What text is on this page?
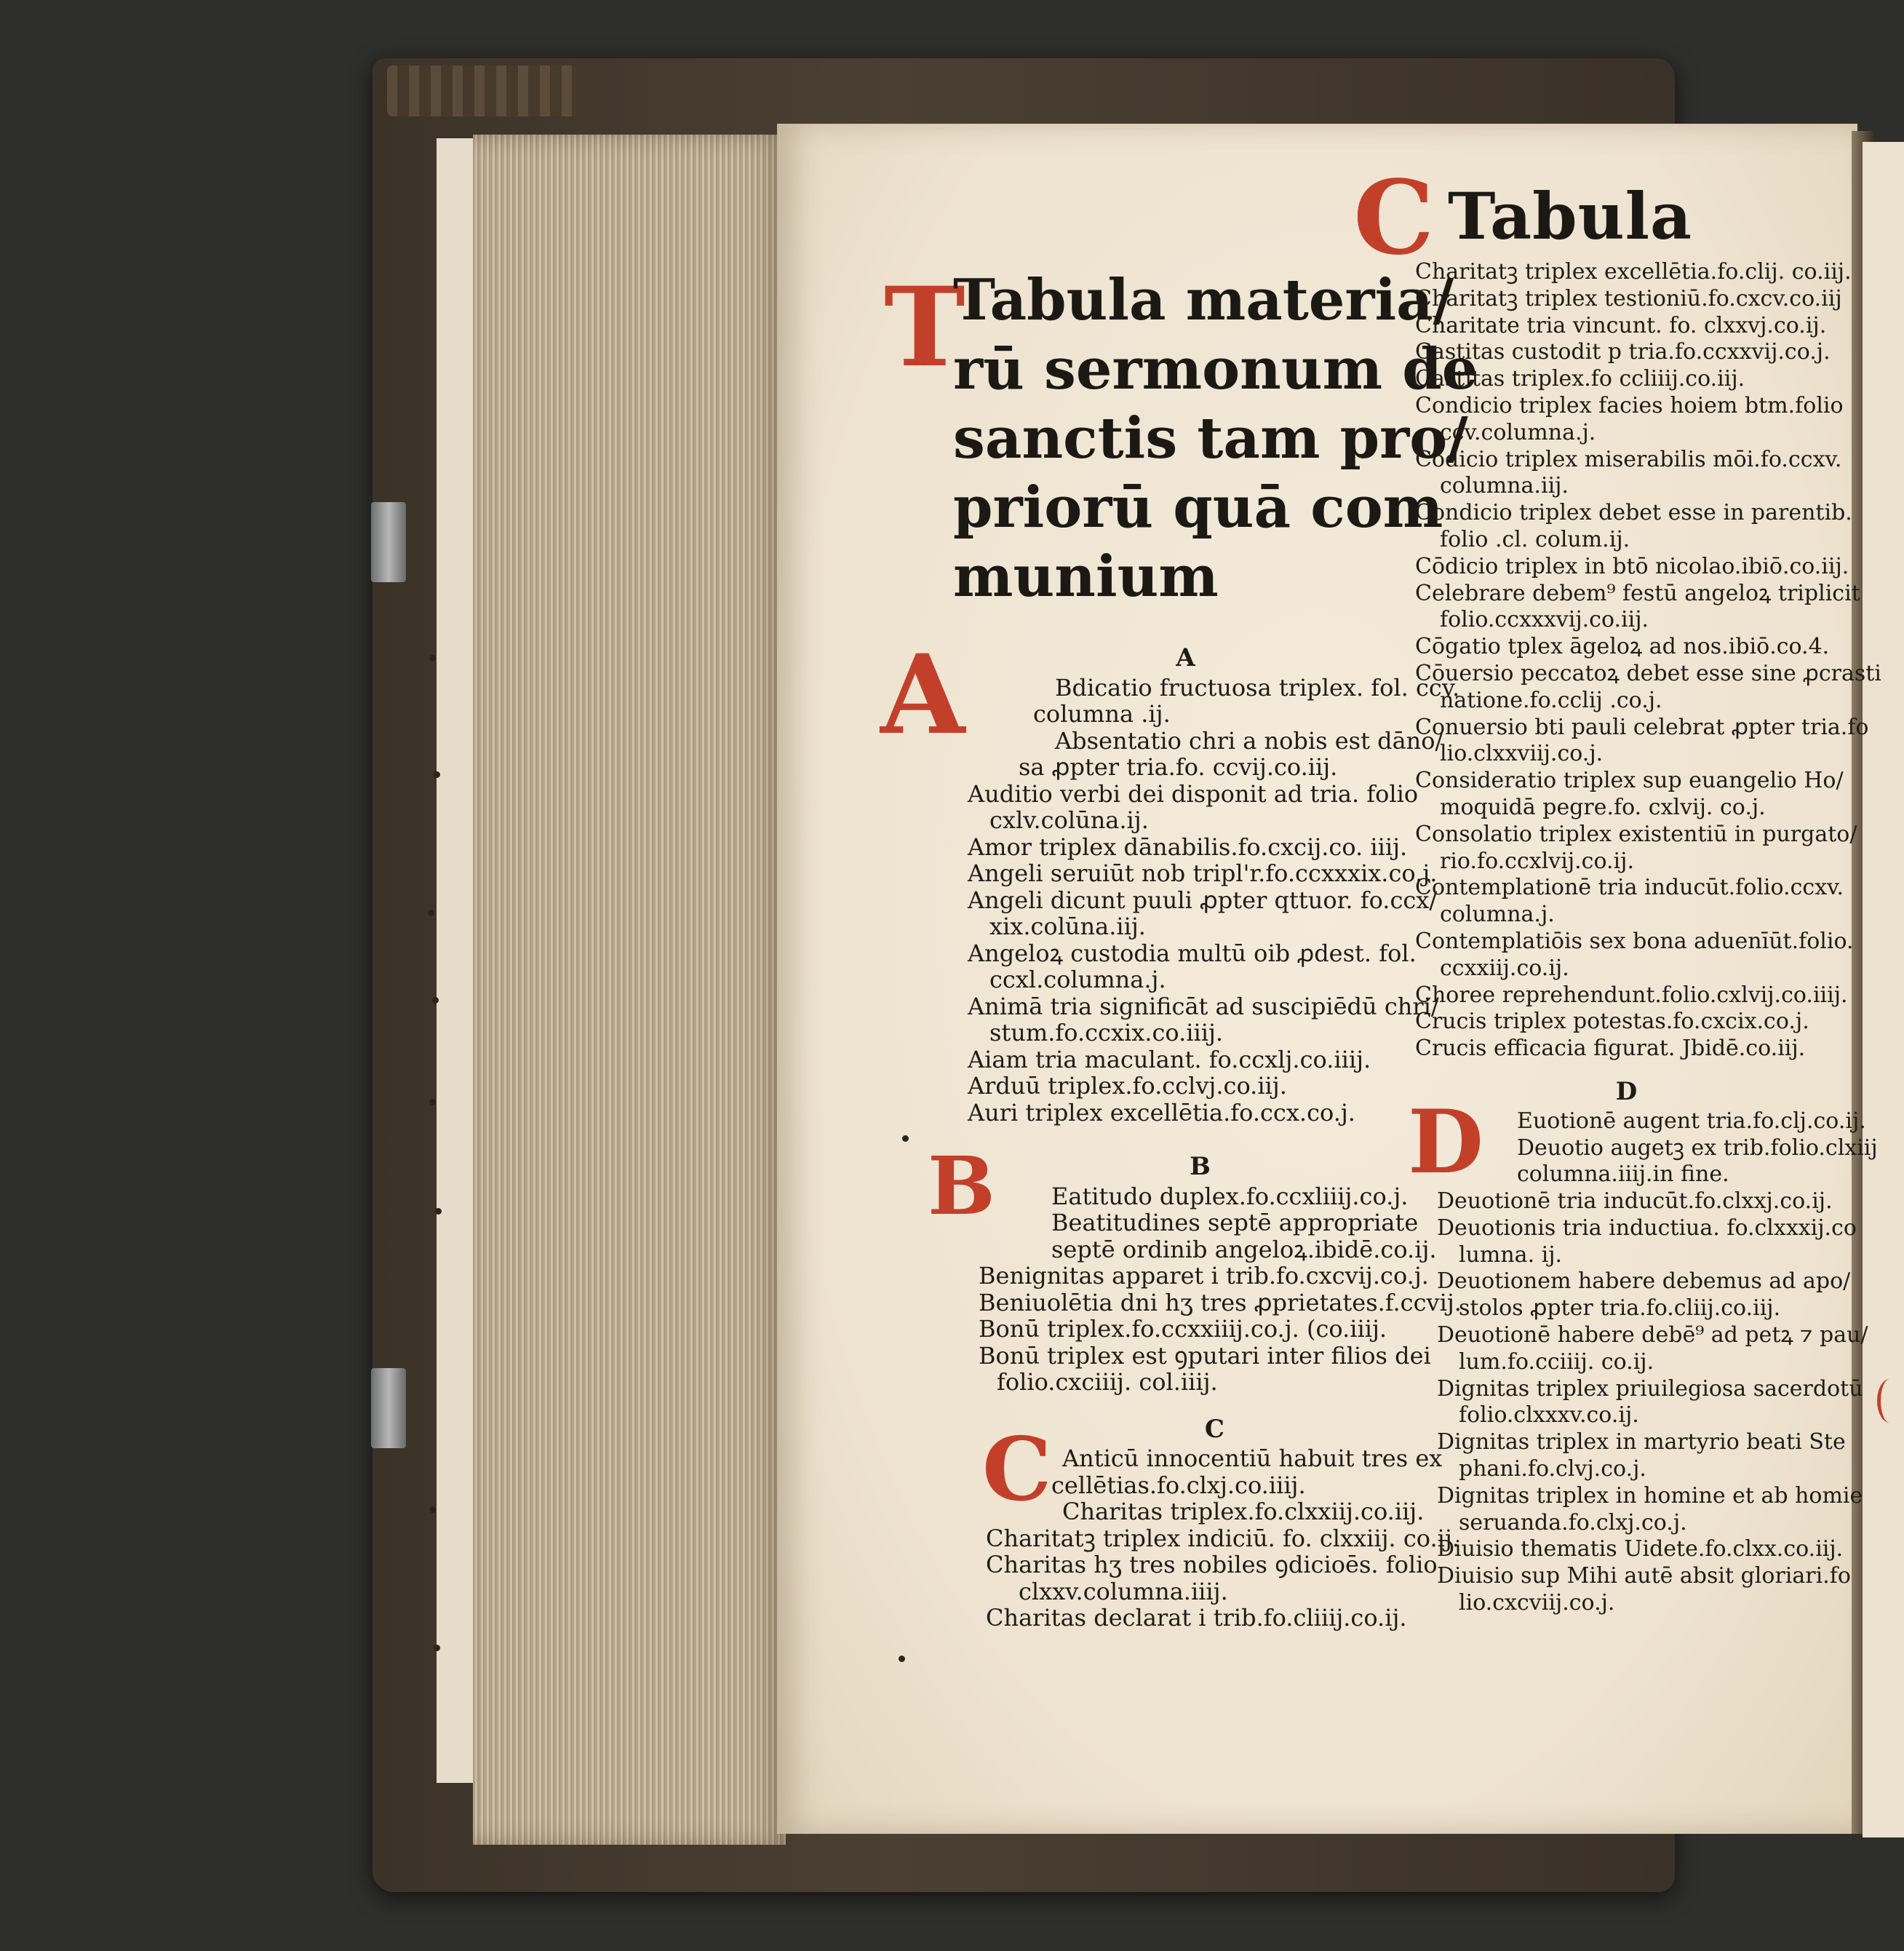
C Tabula
T
Tabula materia/
rū sermonum de
sanctis tam pro/
priorū quā com
munium
A
B
C
D
A
Bdicatio fructuosa triplex. fol. ccv.
columna .ij.
Absentatio chri a nobis est dāno/
sa ꝓpter tria.fo. ccvij.co.iij.
Auditio verbi dei disponit ad tria. folio
cxlv.colūna.ij.
Amor triplex dānabilis.fo.cxcij.co. iiij.
Angeli seruiūt nob tripl'r.fo.ccxxxix.co.j.
Angeli dicunt puuli ꝓpter qttuor. fo.ccx/
xix.colūna.iij.
Angeloꝝ custodia multū oib ꝓdest. fol.
ccxl.columna.j.
Animā tria significāt ad suscipiēdū chri/
stum.fo.ccxix.co.iiij.
Aiam tria maculant. fo.ccxlj.co.iiij.
Arduū triplex.fo.cclvj.co.iij.
Auri triplex excellētia.fo.ccx.co.j.
B
Eatitudo duplex.fo.ccxliiij.co.j.
Beatitudines septē appropriate
septē ordinib angeloꝝ.ibidē.co.ij.
Benignitas apparet i trib.fo.cxcvij.co.j.
Beniuolētia dni hʒ tres ꝓprietates.f.ccvij.
Bonū triplex.fo.ccxxiiij.co.j. (co.iiij.
Bonū triplex est ꝯputari inter filios dei
folio.cxciiij. col.iiij.
C
Anticū innocentiū habuit tres ex
cellētias.fo.clxj.co.iiij.
Charitas triplex.fo.clxxiij.co.iij.
Charitatꝫ triplex indiciū. fo. clxxiij. co.ij.
Charitas hʒ tres nobiles ꝯdicioēs. folio
clxxv.columna.iiij.
Charitas declarat i trib.fo.cliiij.co.ij.
Charitatꝫ triplex excellētia.fo.clij. co.iij.
Charitatꝫ triplex testioniū.fo.cxcv.co.iij
Charitate tria vincunt. fo. clxxvj.co.ij.
Castitas custodit p tria.fo.ccxxvij.co.j.
Castitas triplex.fo ccliiij.co.iij.
Condicio triplex facies hoiem btm.folio
ccv.columna.j.
Cōdicio triplex miserabilis mōi.fo.ccxv.
columna.iij.
Condicio triplex debet esse in parentib.
folio .cl. colum.ij.
Cōdicio triplex in btō nicolao.ibiō.co.iij.
Celebrare debem⁹ festū angeloꝝ triplicit
folio.ccxxxvij.co.iij.
Cōgatio tplex āgeloꝝ ad nos.ibiō.co.4.
Cōuersio peccatoꝝ debet esse sine ꝓcrasti
natione.fo.cclij .co.j.
Conuersio bti pauli celebrat ꝓpter tria.fo
lio.clxxviij.co.j.
Consideratio triplex sup euangelio Ho/
moquidā pegre.fo. cxlvij. co.j.
Consolatio triplex existentiū in purgato/
rio.fo.ccxlvij.co.ij.
Contemplationē tria inducūt.folio.ccxv.
columna.j.
Contemplatiōis sex bona aduenīūt.folio.
ccxxiij.co.ij.
Choree reprehendunt.folio.cxlvij.co.iiij.
Crucis triplex potestas.fo.cxcix.co.j.
Crucis efficacia figurat. Jbidē.co.iij.
D
Euotionē augent tria.fo.clj.co.ij.
Deuotio augetꝫ ex trib.folio.clxiij
columna.iiij.in fine.
Deuotionē tria inducūt.fo.clxxj.co.ij.
Deuotionis tria inductiua. fo.clxxxij.co
lumna. ij.
Deuotionem habere debemus ad apo/
stolos ꝓpter tria.fo.cliij.co.iij.
Deuotionē habere debē⁹ ad petꝝ ⁊ pau/
lum.fo.cciiij. co.ij.
Dignitas triplex priuilegiosa sacerdotū
folio.clxxxv.co.ij.
Dignitas triplex in martyrio beati Ste
phani.fo.clvj.co.j.
Dignitas triplex in homine et ab homie
seruanda.fo.clxj.co.j.
Diuisio thematis Uidete.fo.clxx.co.iij.
Diuisio sup Mihi autē absit gloriari.fo
lio.cxcviij.co.j.
